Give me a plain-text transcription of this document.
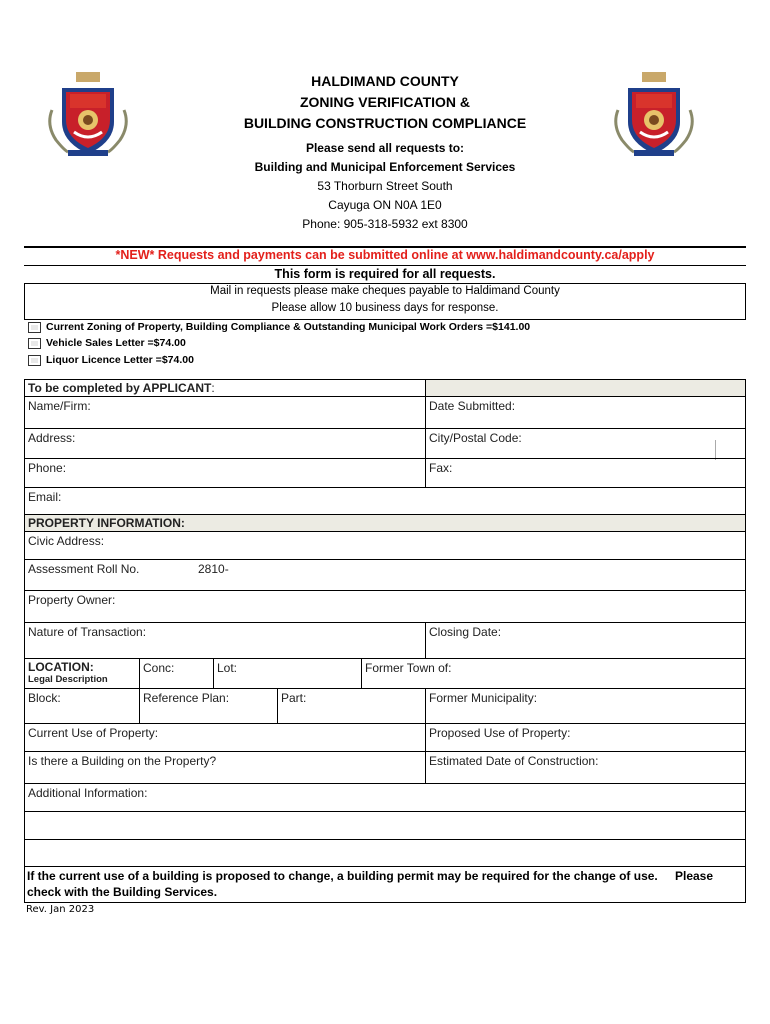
HALDIMAND COUNTY
ZONING VERIFICATION &
BUILDING CONSTRUCTION COMPLIANCE
Please send all requests to:
Building and Municipal Enforcement Services
53 Thorburn Street South
Cayuga ON N0A 1E0
Phone: 905-318-5932 ext 8300
*NEW* Requests and payments can be submitted online at www.haldimandcounty.ca/apply
This form is required for all requests.
Mail in requests please make cheques payable to Haldimand County
Please allow 10 business days for response.
Current Zoning of Property, Building Compliance & Outstanding Municipal Work Orders =$141.00
Vehicle Sales Letter =$74.00
Liquor Licence Letter =$74.00
To be completed by APPLICANT:
Name/Firm:	Date Submitted:
Address:	City/Postal Code:
Phone:	Fax:
Email:
PROPERTY INFORMATION:
Civic Address:
Assessment Roll No.	2810-
Property Owner:
Nature of Transaction:	Closing Date:
LOCATION:
Legal Description
Conc:	Lot:	Former Town of:
Block:	Reference Plan:	Part:	Former Municipality:
Current Use of Property:	Proposed Use of Property:
Is there a Building on the Property?	Estimated Date of Construction:
Additional Information:
If the current use of a building is proposed to change, a building permit may be required for the change of use. Please
check with the Building Services.
Rev. Jan 2023
